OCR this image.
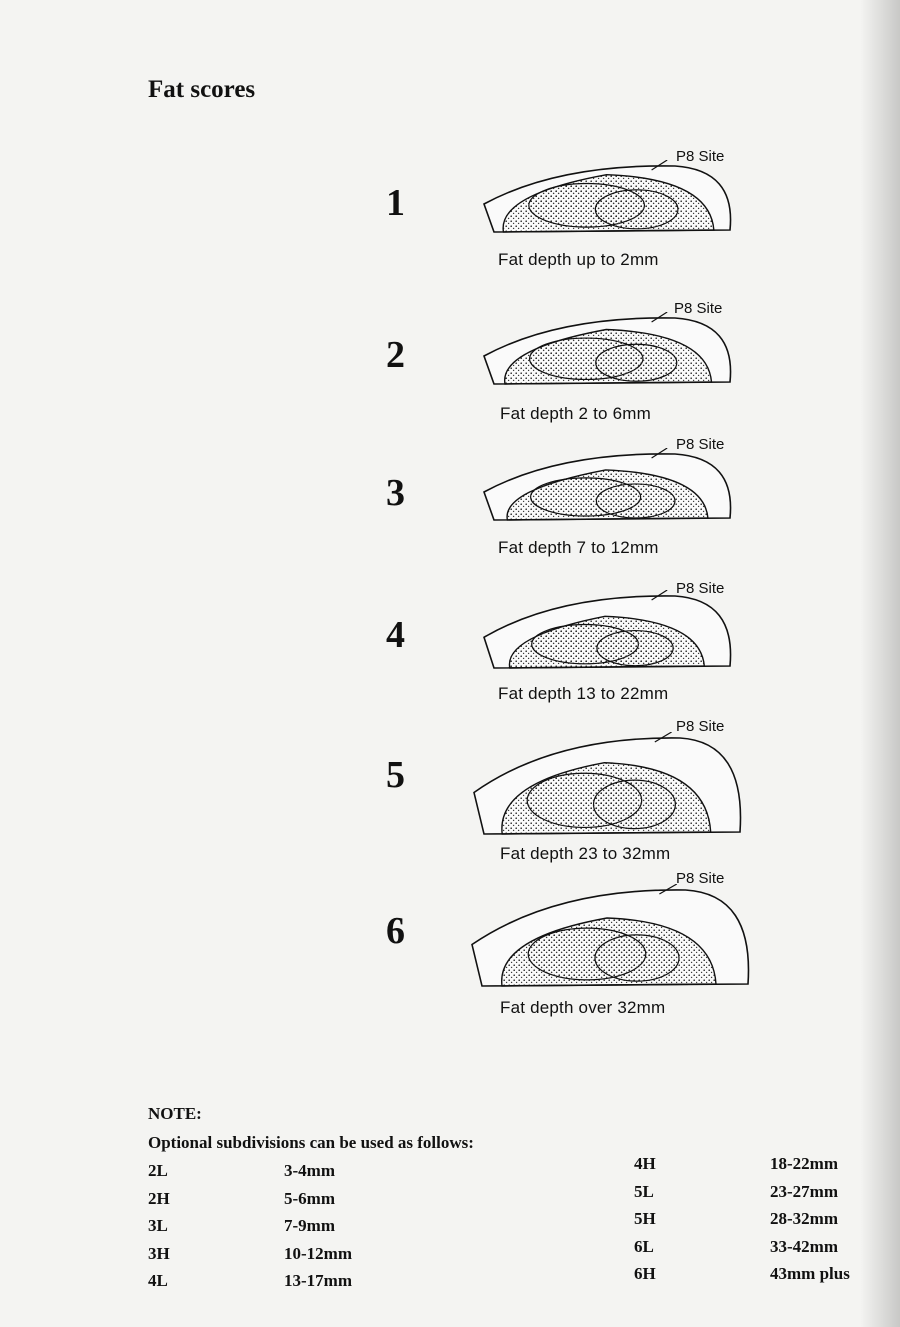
Fat scores
1
P8 Site
Fat depth up to 2mm
2
P8 Site
Fat depth 2 to 6mm
3
P8 Site
Fat depth 7 to 12mm
4
P8 Site
Fat depth 13 to 22mm
5
P8 Site
Fat depth 23 to 32mm
6
P8 Site
Fat depth over 32mm
NOTE:
Optional subdivisions can be used as follows:
2L	3-4mm
2H	5-6mm
3L	7-9mm
3H	10-12mm
4L	13-17mm
4H	18-22mm
5L	23-27mm
5H	28-32mm
6L	33-42mm
6H	43mm plus
